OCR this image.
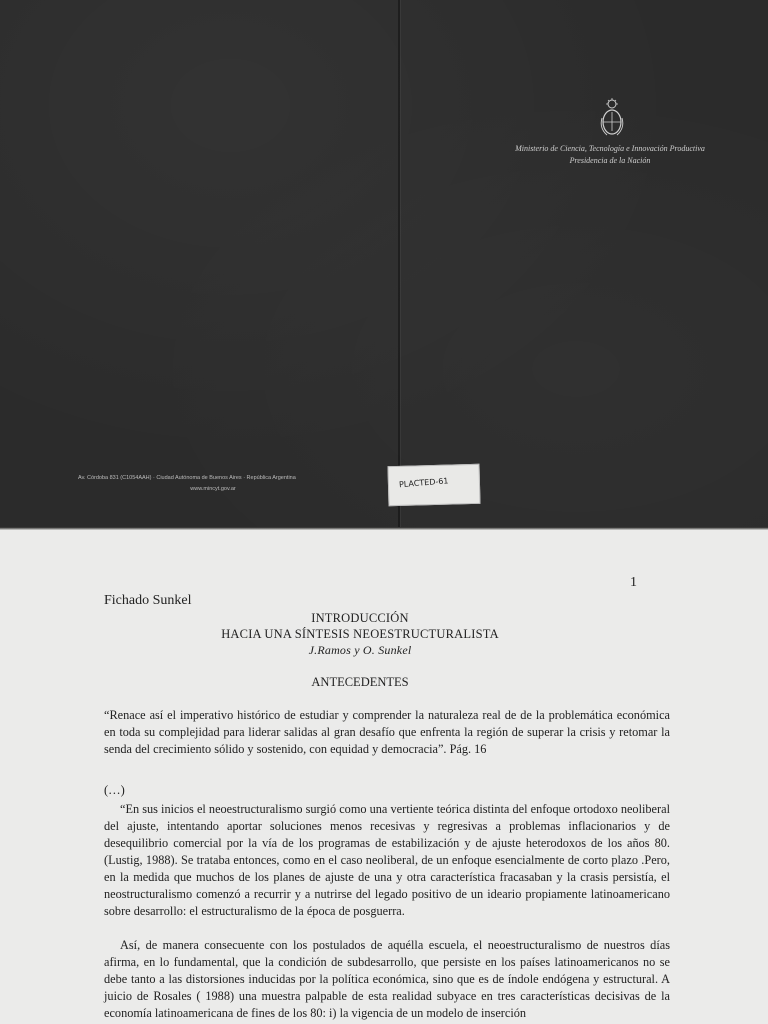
Ministerio de Ciencia, Tecnología e Innovación Productiva
Presidencia de la Nación
Av. Córdoba 831 (C1054AAH) · Ciudad Autónoma de Buenos Aires · República Argentina
www.mincyt.gov.ar	PLACTED-61
1
Fichado Sunkel
INTRODUCCIÓN
HACIA UNA SÍNTESIS NEOESTRUCTURALISTA
J.Ramos y O. Sunkel
ANTECEDENTES
“Renace así el imperativo histórico de estudiar y comprender la naturaleza real de de la problemática económica en toda su complejidad para liderar salidas al gran desafío que enfrenta la región de superar la crisis y retomar la senda del crecimiento sólido y sostenido, con equidad y democracia”. Pág. 16
(…)
“En sus inicios el neoestructuralismo surgió como una vertiente teórica distinta del enfoque ortodoxo neoliberal del ajuste, intentando aportar soluciones menos recesivas y regresivas a problemas inflacionarios y de desequilibrio comercial por la vía de los programas de estabilización y de ajuste heterodoxos de los años 80. (Lustig, 1988). Se trataba entonces, como en el caso neoliberal, de un enfoque esencialmente de corto plazo .Pero, en la medida que muchos de los planes de ajuste de una y otra característica fracasaban y la crasis persistía, el neostructuralismo comenzó a recurrir y a nutrirse del legado positivo de un ideario propiamente latinoamericano sobre desarrollo: el estructuralismo de la época de posguerra.
Así, de manera consecuente con los postulados de aquélla escuela, el neoestructuralismo de nuestros días afirma, en lo fundamental, que la condición de subdesarrollo, que persiste en los países latinoamericanos no se debe tanto a las distorsiones inducidas por la política económica, sino que es de índole endógena y estructural. A juicio de Rosales ( 1988) una muestra palpable de esta realidad subyace en tres características decisivas de la economía latinoamericana de fines de los 80: i) la vigencia de un modelo de inserción
